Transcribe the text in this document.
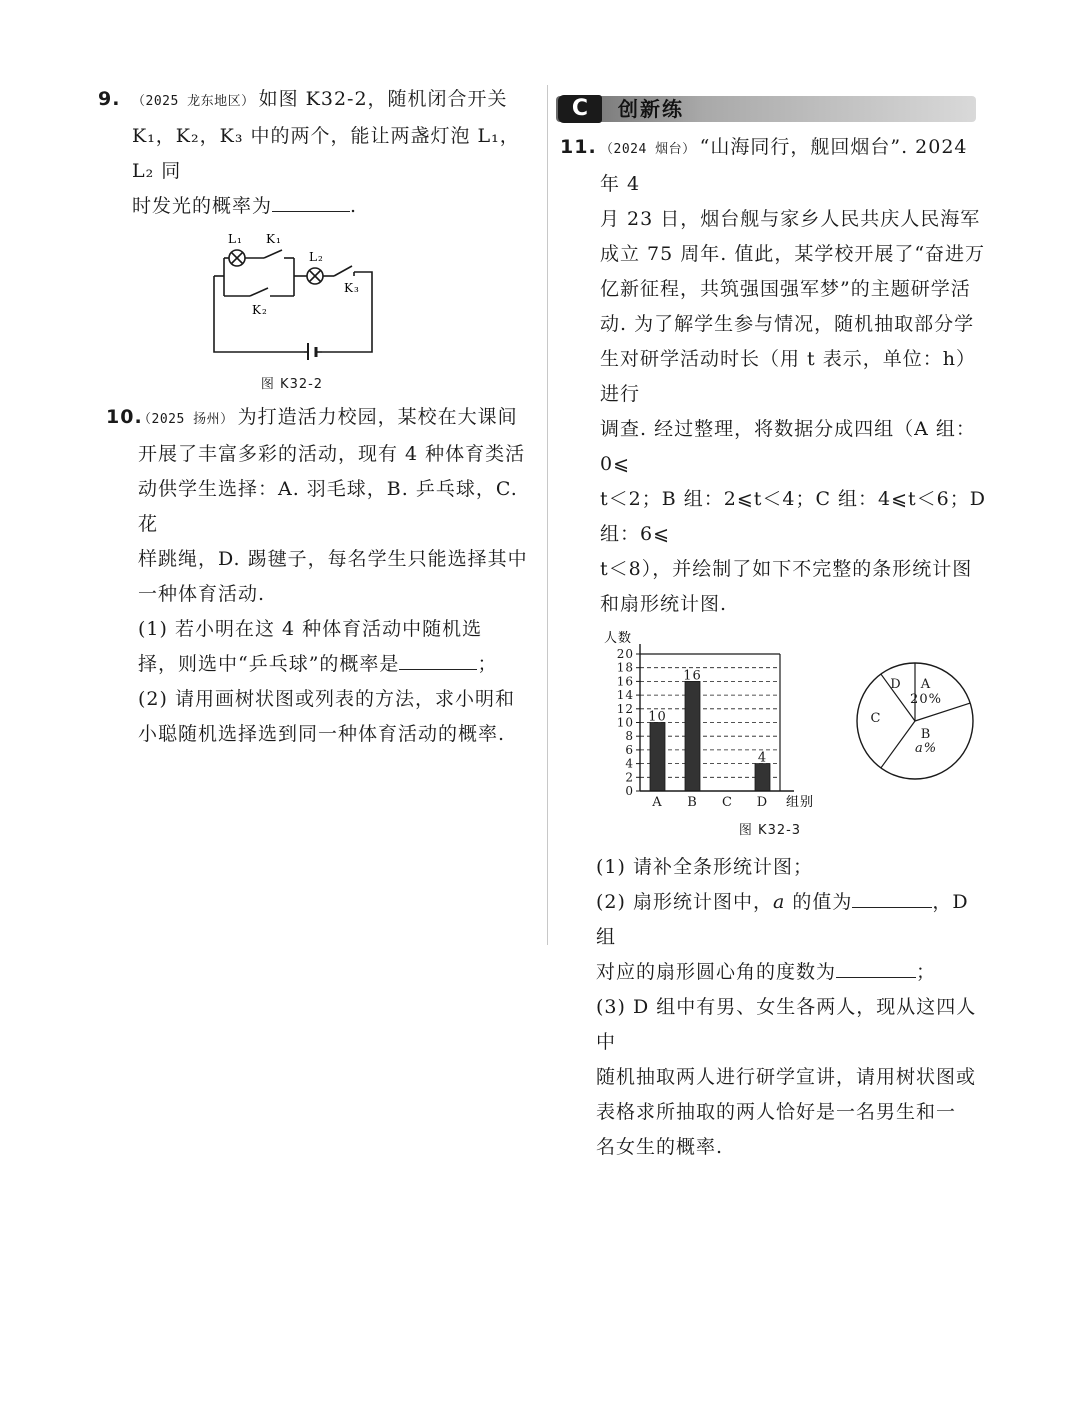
9. （2025 龙东地区） 如图 K32-2，随机闭合开关

K₁，K₂，K₃ 中的两个，能让两盏灯泡 L₁，L₂ 同

时发光的概率为	.

L₁ K₁
L₂
K₂
K₃
图 K32-2
10.

（2025 扬州） 为打造活力校园，某校在大课间

开展了丰富多彩的活动，现有 4 种体育类活

动供学生选择：A. 羽毛球，B. 乒乓球，C. 花

样跳绳，D. 踢毽子，每名学生只能选择其中

一种体育活动.

(1) 若小明在这 4 种体育活动中随机选

择，则选中“乒乓球”的概率是	；

(2) 请用画树状图或列表的方法，求小明和

小聪随机选择选到同一种体育活动的概率.

C	创新练
11. （2024 烟台） “山海同行，舰回烟台”. 2024 年 4

月 23 日，烟台舰与家乡人民共庆人民海军

成立 75 周年. 值此，某学校开展了“奋进万

亿新征程，共筑强国强军梦”的主题研学活

动. 为了解学生参与情况，随机抽取部分学

生对研学活动时长（用 t 表示，单位：h）进行

调查. 经过整理，将数据分成四组（A 组：0⩽

t＜2；B 组：2⩽t＜4；C 组：4⩽t＜6；D 组：6⩽

t＜8），并绘制了如下不完整的条形统计图

和扇形统计图.

人数
组别
0
2
4
6
8
10
12
14
16
18
20
10
16
4
A B C D
A
20%
B
a%
C
D
图 K32-3

(1) 请补全条形统计图；

(2) 扇形统计图中，a 的值为	，D 组

对应的扇形圆心角的度数为	；

(3) D 组中有男、女生各两人，现从这四人中

随机抽取两人进行研学宣讲，请用树状图或

表格求所抽取的两人恰好是一名男生和一

名女生的概率.
